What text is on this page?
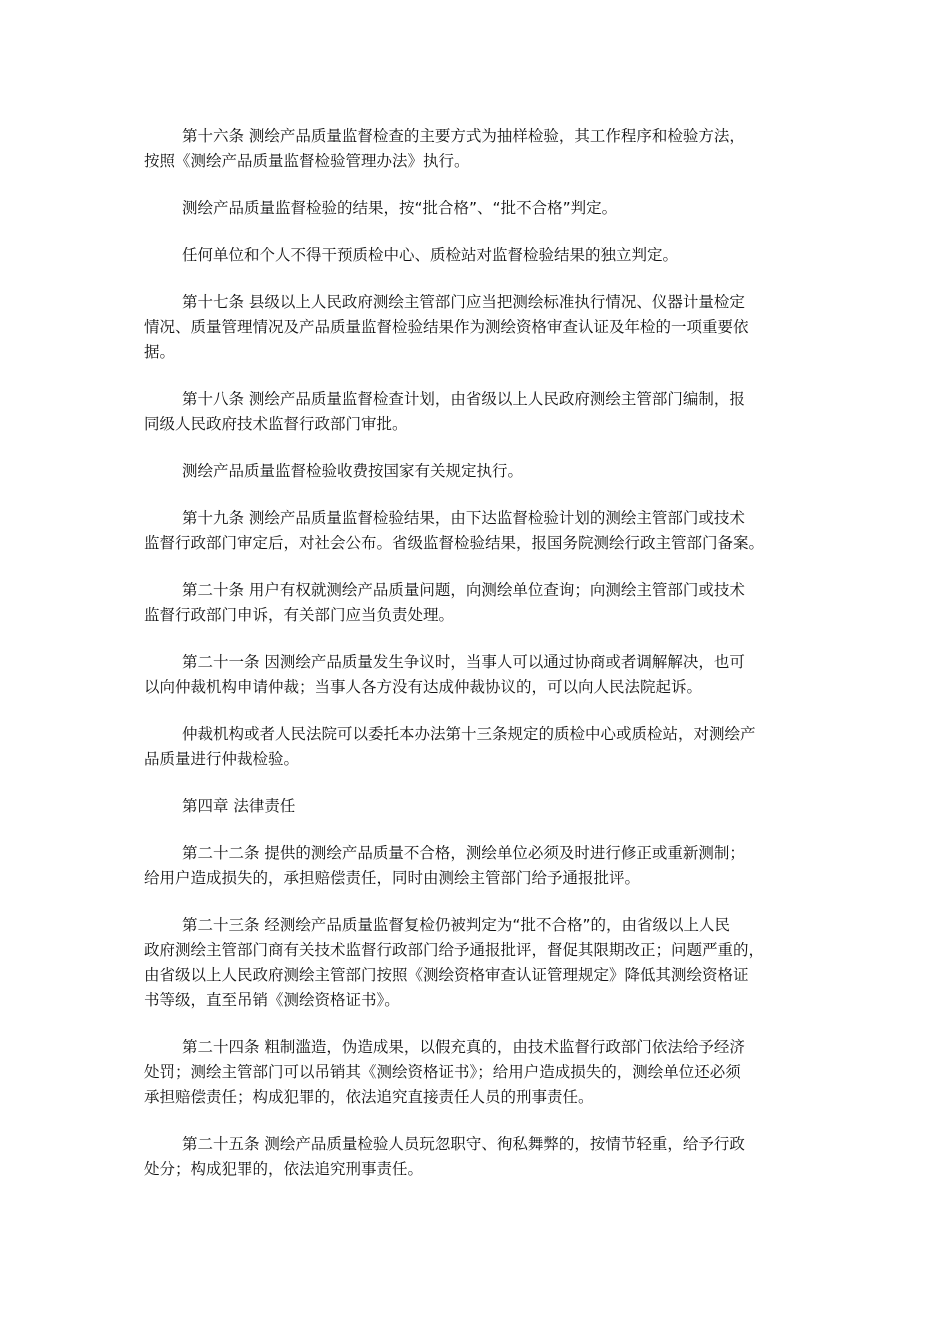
第十六条 测绘产品质量监督检查的主要方式为抽样检验，其工作程序和检验方法，
按照《测绘产品质量监督检验管理办法》执行。

测绘产品质量监督检验的结果，按“批合格”、“批不合格”判定。

任何单位和个人不得干预质检中心、质检站对监督检验结果的独立判定。

第十七条 县级以上人民政府测绘主管部门应当把测绘标准执行情况、仪器计量检定
情况、质量管理情况及产品质量监督检验结果作为测绘资格审查认证及年检的一项重要依
据。

第十八条 测绘产品质量监督检查计划，由省级以上人民政府测绘主管部门编制，报
同级人民政府技术监督行政部门审批。

测绘产品质量监督检验收费按国家有关规定执行。

第十九条 测绘产品质量监督检验结果，由下达监督检验计划的测绘主管部门或技术
监督行政部门审定后，对社会公布。省级监督检验结果，报国务院测绘行政主管部门备案。

第二十条 用户有权就测绘产品质量问题，向测绘单位查询；向测绘主管部门或技术
监督行政部门申诉，有关部门应当负责处理。

第二十一条 因测绘产品质量发生争议时，当事人可以通过协商或者调解解决，也可
以向仲裁机构申请仲裁；当事人各方没有达成仲裁协议的，可以向人民法院起诉。

仲裁机构或者人民法院可以委托本办法第十三条规定的质检中心或质检站，对测绘产
品质量进行仲裁检验。

第四章 法律责任

第二十二条 提供的测绘产品质量不合格，测绘单位必须及时进行修正或重新测制；
给用户造成损失的，承担赔偿责任，同时由测绘主管部门给予通报批评。

第二十三条 经测绘产品质量监督复检仍被判定为“批不合格”的，由省级以上人民
政府测绘主管部门商有关技术监督行政部门给予通报批评，督促其限期改正；问题严重的，
由省级以上人民政府测绘主管部门按照《测绘资格审查认证管理规定》降低其测绘资格证
书等级，直至吊销《测绘资格证书》。

第二十四条 粗制滥造，伪造成果，以假充真的，由技术监督行政部门依法给予经济
处罚；测绘主管部门可以吊销其《测绘资格证书》；给用户造成损失的，测绘单位还必须
承担赔偿责任；构成犯罪的，依法追究直接责任人员的刑事责任。

第二十五条 测绘产品质量检验人员玩忽职守、徇私舞弊的，按情节轻重，给予行政
处分；构成犯罪的，依法追究刑事责任。
